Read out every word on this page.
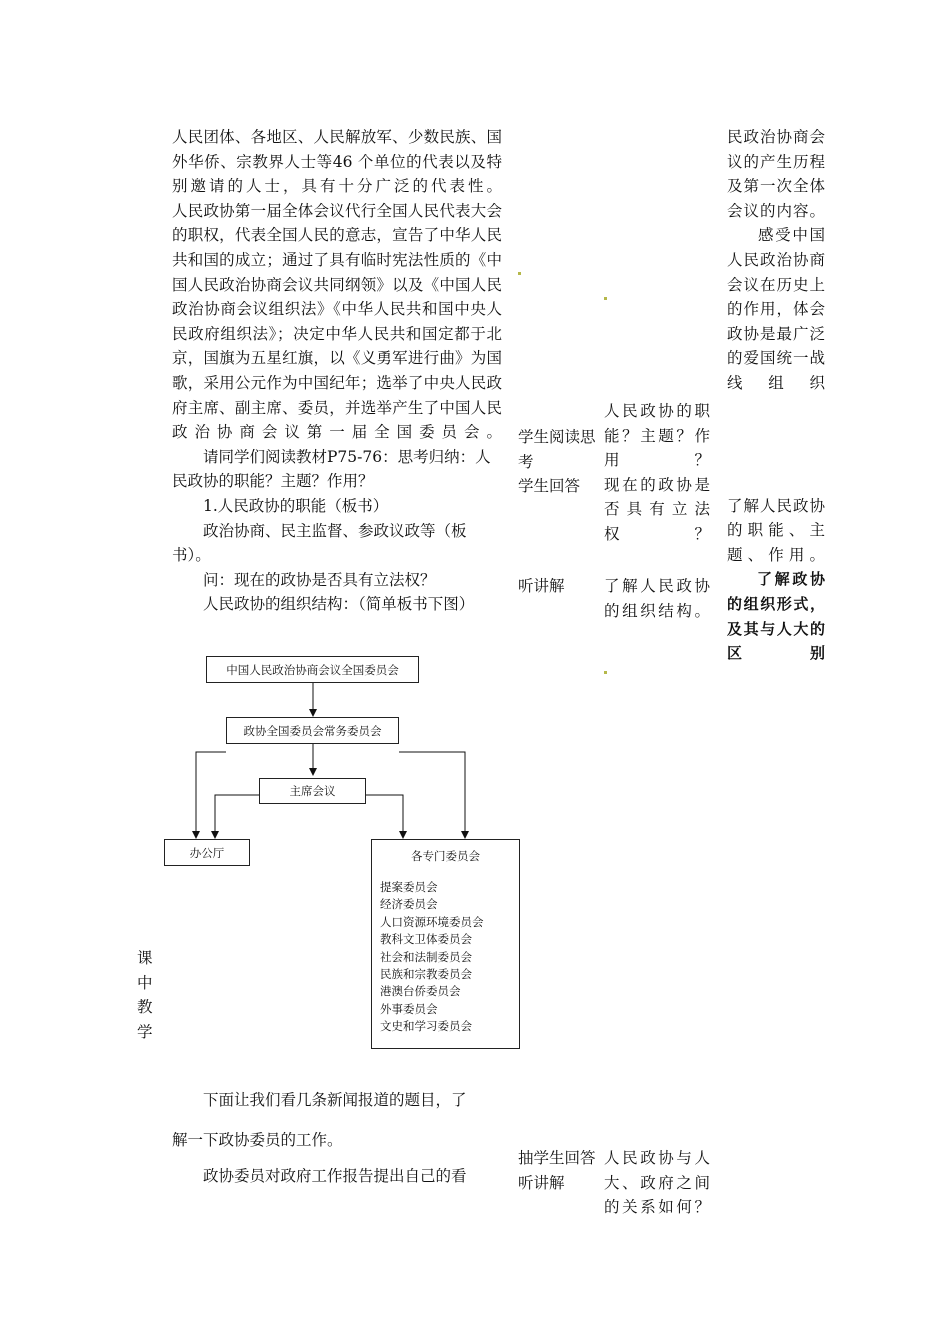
人民团体、各地区、人民解放军、少数民族、国外华侨、宗教界人士等46 个单位的代表以及特别邀请的人士，具有十分广泛的代表性。

人民政协第一届全体会议代行全国人民代表大会的职权，代表全国人民的意志，宣告了中华人民共和国的成立；通过了具有临时宪法性质的《中国人民政治协商会议共同纲领》以及《中国人民政治协商会议组织法》《中华人民共和国中央人民政府组织法》；决定中华人民共和国定都于北京，国旗为五星红旗，以《义勇军进行曲》为国歌，采用公元作为中国纪年；选举了中央人民政府主席、副主席、委员，并选举产生了中国人民政治协商会议第一届全国委员会。

请同学们阅读教材P75-76：思考归纳：人民政协的职能？主题？作用？

1.人民政协的职能（板书）

政治协商、民主监督、参政议政等（板书）。

问：现在的政协是否具有立法权？

人民政协的组织结构：（简单板书下图）

中国人民政治协商会议全国委员会
政协全国委员会常务委员会
主席会议
办公厅	各专门委员会
提案委员会
经济委员会
人口资源环境委员会
教科文卫体委员会
社会和法制委员会
民族和宗教委员会
港澳台侨委员会
外事委员会
文史和学习委员会
课中教学

下面让我们看几条新闻报道的题目，了

解一下政协委员的工作。

政协委员对政府工作报告提出自己的看

学生阅读思考

学生回答

听讲解

抽学生回答

听讲解

人民政协的职能？主题？作用？

现在的政协是否具有立法权？

了解人民政协的组织结构。

人民政协与人大、政府之间的关系如何？

民政治协商会议的产生历程及第一次全体会议的内容。

感受中国人民政治协商会议在历史上的作用，体会政协是最广泛的爱国统一战线组织

了解人民政协的职能、主题、作用。

了解政协的组织形式，及其与人大的区别
